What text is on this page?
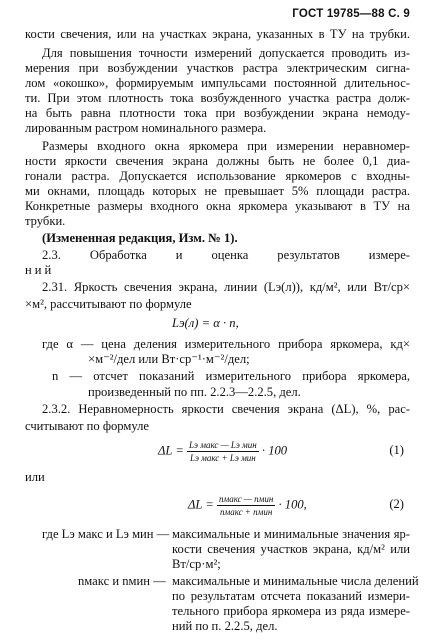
ГОСТ 19785—88 С. 9
кости свечения, или на участках экрана, указанных в ТУ на трубки.
Для повышения точности измерений допускается проводить из-
мерения при возбуждении участков растра электрическим сигна-
лом «окошко», формируемым импульсами постоянной длительнос-
ти. При этом плотность тока возбужденного участка растра долж-
на быть равна плотности тока при возбуждении экрана немоду-
лированным растром номинального размера.
Размеры входного окна яркомера при измерении неравномер-
ности яркости свечения экрана должны быть не более 0,1 диа-
гонали растра. Допускается использование яркомеров с входны-
ми окнами, площадь которых не превышает 5% площади растра.
Конкретные размеры входного окна яркомера указывают в ТУ на
трубки.
(Измененная редакция, Изм. № 1).
2.3. Обработка и оценка результатов измере-
ний
2.31. Яркость свечения экрана, линии (Lэ(л)), кд/м², или Вт/ср×
×м², рассчитывают по формуле
Lэ(л) = α · n,
где α — цена деления измерительного прибора яркомера, кд×
×м⁻²/дел или Вт·ср⁻¹·м⁻²/дел;
n — отсчет показаний измерительного прибора яркомера,
произведенный по пп. 2.2.3—2.2.5, дел.
2.3.2. Неравномерность яркости свечения экрана (ΔL), %, рас-
считывают по формуле
$\Delta L = \frac{\text{Lэ макс — Lэ мин}}{\text{Lэ макс + Lэ мин}} \cdot 100$	(1)
или
$\Delta L = \frac{\text{nмакс — nмин}}{\text{nмакс + nмин}} \cdot 100$,	(2)
где Lэ макс и Lэ мин — максимальные и минимальные значения яр-
кости свечения участков экрана, кд/м² или
Вт/ср·м²;
nмакс и nмин — максимальные и минимальные числа делений
по результатам отсчета показаний измери-
тельного прибора яркомера из ряда измере-
ний по п. 2.2.5, дел.
